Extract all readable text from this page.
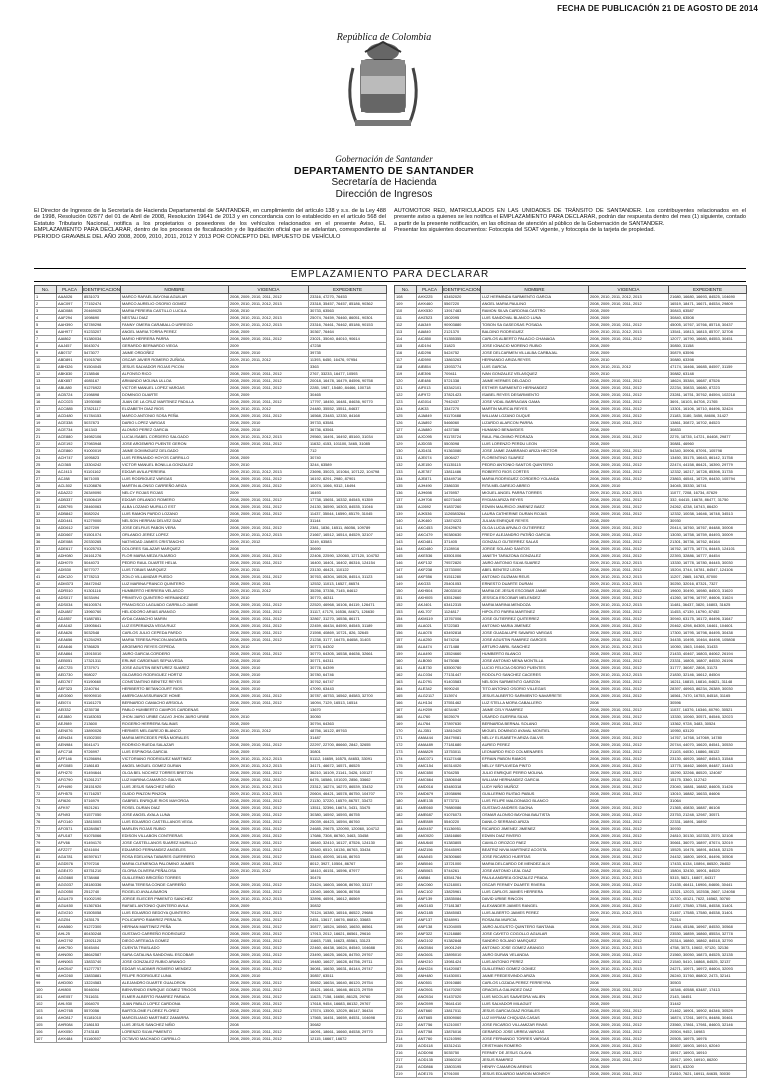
FECHA DE PUBLICACIÓN 21 DE AGOSTO DE 2014
República de Colombia
Gobernación de Santander
DEPARTAMENTO DE SANTANDER
Secretaría de Hacienda
Dirección de Ingresos
El Director de Ingresos de la Secretaría de Hacienda Departamental de SANTANDER, en cumplimiento del artículo 138 y s.s. de la Ley 488 de 1998, Resolución 02677 del 01 de Abril de 2008, Resolución 19641 de 2013 y en concordancia con lo establecido en el artículo 568 del Estatuto Tributario Nacional, notifica a los propietarios o poseedores de los vehículos relacionados en el presente Aviso, EL EMPLAZAMIENTO PARA DECLARAR, dentro de los procesos de fiscalización y de liquidación oficial que se adelantan, correspondiente al PERIODO GRAVABLE DEL AÑO 2008, 2009, 2010, 2011, 2012 Y 2013 POR CONCEPTO DEL IMPUESTO DE VEHÍCULO
AUTOMOTOR RED, MATRICULADOS EN LAS UNIDADES DE TRÁNSITO DE SANTANDER. Los contribuyentes relacionados en el presente aviso a quienes se les notifica el EMPLAZAMIENTO PARA DECLARAR, podrán dar respuesta dentro del mes (1) siguiente, contado a partir de la presente notificación, en las oficinas de atención al público de la Gobernación de SANTANDER.
Presentar los siguientes documentos: Fotocopia del SOAT vigente, y fotocopia de la tarjeta de propiedad.
EMPLAZAMIENTO PARA DECLARAR
No.	PLACA	IDENTIFICACION	NOMBRE	VIGENCIA	EXPEDIENTE
1	AAA026	8531073	MARCO RAFAEL BAYONA AGUILAR	2008, 2009, 2010, 2011, 2012	23316, 47270, 76453
2	AAC097	77152474	MARCO AURELIO OSORIO GOMEZ	2009, 2010, 2011, 2012, 2013	23318, 35457, 76457, 85186, 90362
3	AAD088	20469025	MARIA PEREIRA CASTILLO LUCILA	2008, 2010	30733, 63563
4	AAF294	1098690	NESTALI DIAZ	2008, 2010, 2011, 2012, 2013	25074, 76459, 76460, 86051, 90301
5	AAH390	92789298	FANNY OMERA CARABALLO URREGO	2009, 2010, 2011, 2012, 2013	23316, 76461, 76462, 85186, 90153
6	AAH977	91233207	ANGEL MARIA TORRA PEREZ	2008, 2009	30367, 76464
7	AAI862	91380034	MARIO HERRERA PARRA	2008, 2009, 2010, 2011, 2012	23021, 35040, 84010, 90614
8	AAJ457	5043074	GERARDO BERNARDO VIEGA	2009	47238
9	AB0737	5473077	JAIME ORDOÑEZ	2008, 2009, 2010	39735
10	ABD891	91915760	OSCAR JAVIER ROMERO ZUÑIGA	2009, 2010, 2011, 2012	11393, 6450, 16476, 97954
11	ABH326	91504045	JESUS SALVADOR ROJAS PICON	2009	3363
12	ABK830	2138546	ALFONSO RICO	2008, 2009, 2010, 2011, 2012	2767, 33233, 16477, 10593
13	ABX857	4085167	ARMANDO MOLINA ULLOA	2008, 2009, 2010, 2011, 2012	20018, 16478, 16479, 84596, 90758
14	ABL880	91276922	VICTOR MANUEL LOPEZ VARGAS	2008, 2009, 2010, 2011, 2012	2285, 1987, 15480, 84466, 100718
15	ACB724	2198898	DOMINGO DUARTE	2008, 2009	30465
16	ACC023	13930080	JUAN DE LA CRUZ MARTINEZ PADILLA	2008, 2009, 2010, 2011, 2012	17797, 18450, 16481, 84636, 90770
17	ACC885	37821117	ELIZABETH DIAZ RIOS	2009, 2010, 2011, 2012	24480, 35552, 15511, 84637
18	ACD480	91784153	MARCO ANTONIO SOSA PEÑA	2008, 2009, 2010, 2011, 2012	16568, 23483, 12330, 84168
19	ACE338	5037873	DARIO LOPEZ VARGAS	2008, 2009, 2010	39733, 63581
20	ACE734	161343	ALONSO PEREZ GARCIA	2008, 2009, 2010	36736, 63561
21	ACE880	34982106	LUCIA ISABEL CORDERO SALGADO	2009, 2010, 2011, 2012, 2013	29560, 16491, 16492, 85160, 31034
22	ACE192	37983948	JOSE ARGEMIRO PUENTE GERON	2008, 2009, 2010, 2011, 2012	11632, 4153, 101100, 3465, 31085
23	ACE860	91000019	JAIME DOMINGUEZ DELGADO	2008	712
24	ACH747	1095823	LUIS FERNANDO HOYOS CARRILLO	2008, 2009	30740
25	ACI365	13304242	VICTOR MANUEL BONILLA GONZALEZ	2009, 2010	3244, 63589
26	ACJ413	91101162	EDGAR AVILA PEREIRA	2009, 2010, 2011, 2012, 2013	23696, 35023, 101064, 107122, 104798
27	ACJ88	5671005	LUIS RODRIGUEZ VARGAS	2008, 2009, 2010, 2011, 2012	16192, 8291, 2980, 87901
28	ACL502	91208876	MARTIN ALONSO CARREÑO ARIZA	2008, 2009, 2010, 2011, 2012	10074, 1066, 9312, 16494
29	ADA222	26349090	NELCY ROJAS ROJAS	2009	16493
30	ADB337	91506419	EDGAR ORLANDO ROMERO	2008, 2009, 2010, 2011, 2012	17738, 15651, 16332, 84545, 91359
31	ADB795	28460063	ALBA LOZANO MURILLO EST	2008, 2009, 2010, 2011, 2012	24130, 36590, 16303, 84535, 31046
32	ADB842	5082024	LUIS RAMON PARDO LOZANO	2008, 2009, 2010, 2011, 2012	11437, 35044, 16590, 85179, 31045
33	ADD441	91279000	NELSON HERRAN DELVEZ DIAZ	2008	31144
34	ADD612	1627209	JOSE DELFIUS PABON VERA	2008, 2009, 2010, 2011, 2012	2381, 1836, 16511, 86056, 109789
35	ADD667	91501074	ORLANDO JEREZ LOPEZ	2009, 2010, 2011, 2012, 2013	21667, 16512, 16514, 84529, 32107
36	ADE088	20330265	NATIVIDAD JAIMES CRISTANCHO	2009, 2010, 2012	3249, 63583
37	ADE617	91025703	DOLORES SALAZAR MARQUEZ	2008	30690
38	ADH080	26161276	FLOR MARIA MEZA FAJARDO	2008, 2009, 2010, 2011, 2012	22406, 22590, 120060, 127120, 104752
39	ADH079	5044073	PEDRO RAUL DUARTE HELIA	2008, 2009, 2010, 2011, 2012	16400, 16401, 16402, 86316, 124154
40	ADI530	5077077	LUIS TOBIAS MARQUEZ	2009, 2010, 2011	23130, 46421, 110122
41	ADK120	5778213	ZOILO VILLAMIZAR PUEDO	2008, 2009, 2010, 2011, 2012	30763, 46304, 16526, 84514, 31123
42	ADM373	28472042	LUZ MARINA FRANCO QUINTERO	2008, 2009, 2010, 2011	12532, 11013, 16527, 86574
43	ADR510	91301116	HUMBERTO HERRERA VELASCO	2009, 2010, 2011, 2012	35256, 37336, 7145, 84612
44	ADS017	5033494	PRIMITIVO QUINTERO HERNANDEZ	2009, 2010	30770, 46311
45	ADS034	96100574	FRANCISCO LAGUADO CARRILLO JAIME	2008, 2009, 2010, 2011, 2012	22520, 46968, 16106, 84119, 126471
46	ADU887	13960760	HELIODORO ARIAS ARANGO	2008, 2009, 2010, 2011, 2012	31117, 47170, 16536, 84671, 126630
47	ADJ857	91887851	AYDA CAMACHO MARIN	2008, 2009, 2010, 2011, 2012	32867, 31270, 16536, 86171
48	AEA162	13905641	LUZ ESPERANZA VEGA RUIZ	2008, 2009, 2010, 2011, 2012	22459, 46434, 84590, 84545, 31189
49	AEA626	5032548	CARLOS JULIO CEPEDA PARDO	2008, 2009, 2010, 2011, 2012	21598, 40869, 10721, 826, 32645
50	AEA656	91254293	MARIA TERESA PINCON ANGARITA	2008, 2009, 2010, 2011, 2012	21238, 3177, 16475, 84658, 31403
51	AEA646	5786825	ARGEMIRO REYES CEPEDA	2009, 2010	30773, 64302
52	AEA864	13915010	JAIRO GARCIA CORDERO	2008, 2009, 2010, 2011, 2012	30770, 64305, 16538, 84636, 32661
53	AEB051	17321311	ERLINE CARDENAS SEPULVEDA	2008, 2009, 2010	30771, 64311
54	AEC725	3737971	JOSE AGUSTIN BENTUREZ SUAREZ	2008, 2009, 2010	30778, 64399
55	AED730	908027	GILDARDO RODRIGUEZ HORTIZ	2008, 2009, 2010	30780, 64746
56	AED767	91190660	CONSTANTINO BENITEZ REYES	2008, 2009, 2010	30762, 64747
57	AEF323	2240764	HERIBERTO BETANCOURT RIOS	2008, 2009, 2010	47090, 63443
58	AEG060	90909010	AMERICAN ASSURANCE HOME	2008, 2009, 2010, 2011, 2012	30787, 46753, 16562, 84583, 32700
59	AEI074	91161275	BERNARDO CAMACHO ARSIOLA	2008, 2009, 2010, 2011, 2012	16094, 7129, 16513, 16514
60	AEI332	4235738	PABLO HUMBERTO CAMPOS CARDENAS	2009	13670
61	AEJ880	91183053	JHON JAIRO URIBE CALVO JHON JAIRO URIBE	2009, 2010	30050
62	AEJ989	213600	ROGERIO HERRERA SALINAS	2008, 2009	30794, 64363
63	AEN076	13890026	HERMES MELGAREJO BLANCO	2009, 2010, 2011, 2012	48756, 16122, 89763
64	AEN434	91502300	MARIA MERCEDES PEÑA MORALES	2008	31487
65	AEN984	5041471	RODRIGO RUEDA SALAZAR	2008, 2009, 2010, 2011, 2012	22297, 22700, 86660, 2842, 32655
66	AFC718	9726997	LUIS ESPINOSA GARCIA	2008, 2009	30801
67	AFF146	91256694	VICTORIANO RODRIGUEZ MARTINEZ	2009, 2010, 2011, 2012, 2013	51112, 16659, 16575, 84653, 33091
68	AFG085	2186183	ANGEL MIGUEL GOMEZ DURAN	2009, 2010, 2011, 2012, 2013	34171, 46672, 16571, 86525
69	AFH270	91494644	OLGA BEL NOCHEZ TORRES BRETON	2008, 2009, 2010, 2011, 2012	36210, 16109, 21141, 3426, 100127
70	AFG790	91261217	LUZ MARINA CAMARGO GALVIS	2008, 2009, 2010, 2011, 2012	6476, 16586, 101020, 2856, 33662
71	AFH490	28151920	LUIS JESUS SANCHEZ NIÑO	2009, 2010, 2011, 2012, 2013	23312, 16274, 16270, 86539, 33432
72	AFH575	91716257	GUIDO PINZON PINZON	2009, 2010, 2011, 2012, 2013	20604, 46421, 16578, 86750, 104707
73	AFI626	5716979	GABRIEL ENRIQUE RIOS MAYORGA	2008, 2009, 2010, 2011, 2012	21130, 37220, 16579, 86757, 33472
74	AFK97	9521261	ROSEL DURAN DIAZ	2008, 2009, 2010, 2011, 2012	13511, 32396, 16674, 3431, 33475
75	AFN93	91577050	JOSE ANGEL AYALA LUNA	2008, 2009, 2010, 2011, 2012	30380, 16592, 16593, 86755
76	AFO140	13815003	LUIS EDUARDO CASTELLANOS VEGA	2008, 2009, 2010, 2011, 2012	25039, 46423, 16594, 86760
77	AFO571	63284567	MARLEN ROJAS RUBIO	2008, 2009, 2010, 2011, 2012	24685, 29675, 120090, 120060, 104712
78	AFU187	91076066	EDISON VILLABON CONTRERAS	2008, 2009, 2010, 2011, 2012	17686, 7308, 86760, 3463, 33458
79	AFV66	91494170	JOSE CASTELLANOS SUAREZ MURILLO	2008, 2009, 2010, 2011, 2012	16640, 32410, 16127, 87526, 124130
80	AFZ277	6241604	EDUARDO FERNANDEZ ANGELES	2008, 2009, 2010, 2011, 2012	32640, 6510, 16136, 86763, 33434
81	AGA781	60397617	ROSA EDELVINA TABARES GUERRERO	2008, 2009, 2010, 2011, 2012	33440, 40093, 16146, 86763
82	AGD576	5797216	MARIA CLEMENCIA PALOMINO JAIMES	2008, 2009, 2010, 2011, 2012	8012, 3927, 10504, 86767
83	AGE470	63751210	GLORIA OLIVERA PEÑALOSA	2009, 2010, 2011, 2012	18410, 46151, 16596, 87977
84	AGG660	5738468	GUILLERMO BRICEÑO TORRES	2009	30476
85	AGG037	28180336	MARIA TERESA CONDE CARREÑO	2008, 2009, 2010, 2011, 2012	23424, 16603, 16608, 86760, 33117
86	AGO050	2512740	ROGELIO AYALA BARON	2008, 2009, 2010, 2011, 2012	13040, 16605, 16606, 86768
87	AGU470	91002190	JORGE ELIECER PIMIENTO SANCHEZ	2009, 2010, 2011, 2012, 2013	32896, 46591, 16612, 86569
88	AGU450	91367634	RAFAEL ANTONIO QUINTERO AVILA	2008, 2009	30832
89	AGV210	91505058	LUIS EDUARDO BEDOYA QUINTERO	2008, 2009, 2010, 2011, 2012	70124, 16380, 16516, 86522, 29686
90	AGZ04	2435175	POLICARPO RAMIREZ PERALTA	2008, 2009, 2010, 2011, 2012	2451, 13617, 16676, 86810, 33683
91	AHA560	91272300	HERNAN MARTINEZ PEÑA	2008, 2009, 2010, 2011, 2012	30877, 16524, 16560, 16630, 86561
92	AHL25	80430248	GUSTAVO CARREÑO RODRIGUEZ	2008, 2009, 2010, 2011, 2012	17913, 2012, 16621, 86561, 29616
93	AHG792	13921120	DIEGO ARTEAGA GOMEZ	2008, 2009, 2010, 2011, 2012	11663, 7155, 16623, 85561, 33123
94	AHK750	5045404	CUENTA TRASLADO	2008, 2009, 2010, 2011, 2012	22460, 46438, 16624, 84540, 104688
95	AHN050	38642587	SARA CATALINA SANDOVAL ESCOBAR	2008, 2009, 2010, 2011, 2012	23490, 16625, 16626, 84750, 29767
96	AHN063	13833740	JOSE GONZALEZ RUBIO ARANGO	2008, 2009, 2010, 2011, 2012	19480, 16627, 16628, 84756, 29711
97	AHO547	91277757	EDGAR VLADIMIR ROMERO MENDEZ	2008, 2009, 2010, 2011, 2012	36081, 16630, 16631, 84144, 29747
98	AHO260	13833881	FELIPE RODRIGUEZ LUNA	2008, 2009, 2010	30857, 63511
99	AHD050	13224583	ALEJANDRO DUARTE GUALDRON	2008, 2009, 2010, 2011, 2012	30652, 16634, 16640, 86120, 29754
100	AHI800	5046004	BIENVENIDO ENRIQUE GOMEZ TRIGOS	2008, 2009, 2010, 2011, 2012	15421, 16641, 16646, 86123, 29759
101	AHE057	7511631	ELMER ALBERTO RAMIREZ PARADA	2008, 2009, 2010, 2011, 2012	11623, 7158, 16650, 86125, 29760
102	AHL930	1064070	JUAN PABLO LOPEZ CARDONA	2008, 2009, 2010, 2011, 2012	17618, 9454, 16683, 86132, 29767
103	AHO765	5570056	BARTOLOME FLOREZ FLOREZ	2008, 2009, 2010, 2011, 2012	17574, 13500, 12029, 86147, 36434
104	AHO817	91181010	MARCELIANO MARTINEZ ZAMARRA	2008, 2009, 2010, 2011, 2012	17565, 16451, 16659, 84531, 104698
105	AHR084	2186153	LUIS JESUS SANCHEZ NIÑO	2008	30682
106	AHX050	2743183	LORENZO SILVA PIMIENTO	2008, 2009, 2010, 2011, 2012	16091, 18661, 16660, 84538, 29770
107	AHX484	91160507	OCTAVIO MACHADO CARRILLO	2008, 2009, 2010, 2011, 2012	12115, 16667, 16672
No.	PLACA	IDENTIFICACION	NOMBRE	VIGENCIA	EXPEDIENTE
108	AHX225	63452020	LUZ HERMINDA SARMIENTO GARCIA	2009, 2010, 2011, 2012, 2013	21680, 16680, 16693, 84525, 104690
109	AHX460	5567220	ANGEL MARIA PAULINO	2008, 2009, 2010, 2011, 2012	16519, 18471, 16671, 84534, 29809
110	AHX530	13917483	RAMON SILVA CARDONA CASTRO	2008, 2009	30843, 63587
111	AHZ523	1502095	LUIS SANDOVAL BLANCO LUNA	2008, 2009	30840, 63508
112	AIA349	90903880	TOBON SA GASEOSAS POSADA	2008, 2009, 2010, 2011, 2012	45005, 10767, 10766, 85718, 30437
113	AIA840	2121370	BALDINO RODRIGUEZ	2009, 2010, 2011, 2012, 2013	13541, 10813, 16815, 85707, 32708
114	AIC850	91355355	CARLOS ALBERTO PALACIO CHANAGA	2008, 2009, 2010, 2011, 2012	12077, 16790, 16680, 84553, 30451
115	AID194	31823	JOSE IGNACIO MORENO RUBIO	2008, 2009	30850, 31158
116	AID296	5424752	JOSE DELCARMEN VILLALBA CARBAJAL	2008, 2009	30879, 63596
117	AID590	13863263	HERNANDO ARIZA REYES	2009, 2010	30880, 63398
118	AIE854	13933774	LUIS GARCIA	2009, 2010, 2011, 2012	47174, 16466, 16685, 84597, 31159
119	AIE396	709411	IVAN GONZALEZ VELASQUEZ	2009, 2010	30882, 63148
120	AIE486	5721338	JAIME HERNES DELGADO	2008, 2009, 2010, 2011, 2012	18624, 35384, 16687, 87526
121	AIF013	63342101	ESTHER SARMIENTO HERNANDEZ	2008, 2009, 2010, 2011, 2012	22234, 30833, 16680, 87223
122	AIF972	37821423	ISABEL REYES DESARMIENTO	2008, 2009, 2010, 2011, 2012	23281, 16751, 30762, 84594, 102218
123	AIG014	7942437	JOSE VIDAL BARRAGAN GAMA	2008, 2009, 2010, 2011, 2012	3691, 16103, 84708, 21765
124	AIK33	3347270	MARTIN MURCIA REYES	2008, 2009, 2010, 2011, 2012	13301, 16106, 16710, 84496, 32424
125	AJA849	91170488	WILLIAM LOZANO DUQUE	2008, 2009, 2010, 2011, 2012	21183, 3180, 3450, 84606, 31427
126	AJA892	5466060	LIZARDO ALARCON PARRA	2008, 2009, 2010, 2011, 2012	13861, 30872, 16702, 84523
127	AJA880	4437386	HUMANIO BENAVIDES	2008, 2009	30833
128	AJC095	91178724	RAUL PALOMINO PEDRAZA	2008, 2009, 2010, 2011, 2012	2276, 18735, 14721, 84408, 29877
129	AJD035	5503098	LUIS LORENZO PERDU LEON	2008, 2009	30881, 46960
130	AJD431	91363080	JOSE JAIME ZAMBRANO ARIZA HECTOR	2008, 2009, 2010, 2011, 2012	54340, 30906, 87091, 105798
131	AJE074	1506427	FLORENTINO SUAREZ	2008, 2009, 2010, 2011, 2012	13450, 35175, 16643, 86142, 31758
132	AJE150	91135115	PEDRO ANTONIO SANTOS QUINTERO	2008, 2009, 2010, 2011, 2012	22474, 44158, 86421, 16390, 29779
133	AJE787	13811486	ROBERTO RIOS CORTES	2008, 2009, 2010, 2011, 2012	12332, 16217, 16728, 85398, 31735
134	AJE871	63449716	MARIA RODRIGUEZ CORDERO YOLANDA	2008, 2009, 2010, 2011, 2012	23863, 46541, 16729, 84430, 105794
135	AJH490	2386330	RITA MELGAREJO ABREO	2008, 2009, 2010	34045, 35330, 16741
136	AJH698	1476957	MIGUEL ANGEL PARRA TORRES	2009, 2010, 2011, 2012, 2013	11077, 7208, 16734, 87629
137	AJH708	60273440	RYDIAN ARIZA REYES	2008, 2009, 2010, 2011, 2012	332, 64415, 16678, 86477, 31750
138	AJJ692	91837260	EDWIN MAURICIO JIMENEZ BAEZ	2008, 2009, 2010, 2011, 2012	24262, 4238, 16743, 86420
139	AJK536	1126583264	LAURA CATHERINE DURAN ROJAS	2008, 2009, 2010, 2011, 2012	12332, 10038, 14646, 16748, 34513
140	AJK460	13874223	JULIAN ENRIQUE REYES	2008, 2009	30930
141	AKC453	20429670	OLGA LUCIA ARVALO GUTIERREZ	2008, 2009, 2010, 2011, 2012	20414, 16760, 16767, 84488, 30008
142	AKC479	90380630	FREDY ALEJANDRO PATIÑO GARCIA	2008, 2009, 2010, 2011, 2012	13030, 16758, 16759, 84493, 30009
143	AKD481	371405	GONZALO GUTIERREZ SALAS	2008, 2009, 2010, 2011, 2012	21301, 36736, 16762, 84164
144	AKD480	2128916	JORGE SOLANO SANTOS	2008, 2009, 2010, 2011, 2012	16762, 16775, 16774, 84445, 124101
145	AKE536	63501006	JANETH TARAZONA GONZALEZ	2008, 2009, 2010, 2011, 2012	22393, 32886, 16777, 84454
146	AKF132	79572820	JAIRO ANTONIO SILVA SUAREZ	2009, 2010, 2011, 2012, 2013	13330, 16778, 16780, 84445, 30030
147	AKF238	13733000	ABEL BENITEZ LEON	2008, 2009, 2010, 2011, 2012	15204, 3744, 16781, 84547, 124106
148	AKF556	91511280	ANTONIO GUZMAN REUS	2009, 2010, 2011, 2012, 2013	11207, 2865, 16783, 87000
149	AKG33	25401053	ERNESTO DUARTE DURAN	2009, 2010, 2011, 2012, 2013	30250, 32016, 87321, 7327
150	AKH504	28033010	MARIA DE JESUS ESCOBAR JAIME	2008, 2009, 2010, 2011, 2012	19600, 30490, 16980, 84503, 31620
151	AKH005	63512660	JESSICA ESCOBAR MELENDEZ	2008, 2009, 2010, 2011, 2012	41260, 16796, 16797, 84606, 31624
152	AKJ401	63412315	MARIA MARINA MENDOZA	2009, 2010, 2011, 2012, 2013	11481, 36437, 3820, 16803, 31625
153	AKL707	1124817	HIPOLITO PARRA MARTINEZ	2008, 2009, 2010, 2011, 2012	11453, 47139, 16790, 87452
154	AKM119	13767006	JOSE GUTIERREZ QUITERREZ	2008, 2009, 2010, 2011, 2012	30940, 63175, 16172, 84496, 31647
155	ALA021	5722383	ANTONIO MARIA JIMENEZ	2008, 2009, 2010, 2011, 2012	20462, 4298, 84305, 16461, 104601
156	ALA078	63492818	JOSE GUADALUPE SAVARIO VARGAS	2008, 2009, 2010, 2011, 2012	17300, 16795, 16798, 84495, 30438
157	ALA250	5474216	JOSE AGUSTIN RAMIREZ GARCES	2008, 2009, 2010, 2011, 2012	34435, 10495, 10464, 84498, 105808
158	ALA474	4171488	ARTURO ABRIL SANCHEZ	2009, 2010, 2011, 2012, 2013	10050, 1563, 10466, 31433
159	ALA490	13524660	HUMBERTO BLANCO	2008, 2009, 2010, 2011, 2012	21433, 40467, 16803, 84062, 26194
160	ALB050	5475086	JOSE ANTONIO MENA MONTILLA	2008, 2009, 2010, 2011, 2012	23331, 16805, 16807, 84530, 26196
161	ALB730	63500780	LUCIO FELICIA OSORIO PUENTES	2008, 2009, 2010, 2011, 2012	31777, 36087, 2808, 31173
162	ALC034	77131447	RODOLFO SANCHEZ CACERES	2009, 2010, 2011, 2012, 2013	21830, 32146, 16612, 84504
163	ALD791	91403583	NELSON SARMIENTO GARZON	2008, 2009, 2010, 2011, 2012	16211, 16815, 16816, 84621, 31148
164	ALE342	9090240	TITO ANTONIO OSORIO VILLEGAS	2008, 2009, 2010, 2011, 2012	28397, 46963, 86234, 26389, 30030
165	ALG2117	313974	JESUS ALBERTO SARMIENTO NAVARRETE	2008, 2009, 2010, 2011, 2012	16561, 7470, 16753, 84518, 31165
166	ALH134	37551462	LUZ STELLA MORA CABALLERO	2008	30596
167	ALH209	4034467	JAIME CELY RAMIREZ	2008, 2009, 2010, 2011, 2012	11037, 16376, 16346, 80790, 30521
168	ALI760	5025079	USARDO GUERRA SILVA	2008, 2009, 2010, 2011, 2012	13330, 10060, 30571, 84546, 32023
169	ALI764	37897630	BERNARDA BERNAL SOLANO	2008, 2009, 2010, 2011, 2012	13362, 9728, 3483, 30524
170	ALJ351	13810420	MIGUEL DOMINGO AYAVAL MONTIEL	2008, 2009	10950, 63120
171	AMA444	28479081	NELLY ELISABETH ARIZA GALVIS	2008, 2009, 2010, 2011, 2012	14767, 14768, 147069, 14780
172	AMA489	77181680	AUREO PEREZ	2008, 2009, 2010, 2011, 2012	20744, 44070, 16620, 84541, 30530
173	AMA829	13753011	LEONARDO RICO COLMENARES	2008, 2009, 2010, 2011, 2012	21103, 44030, 16866, 86122
174	AMC071	91127448	EFRAIN PABON RAMOS	2008, 2009, 2010, 2011, 2012	23130, 46920, 16867, 84543, 31548
175	AMC154	60314020	NELLY SEPULVEDA PINTO	2008, 2009, 2010, 2011, 2012	13775, 16462, 16669, 84487, 31443
176	AMC650	5764255	JULIO ENRIQUE PERRO MOLINA	2008, 2009, 2010, 2011, 2012	15290, 32266, 86520, 124087
177	AMC664	13806048	WILLIAM HERNANDEZ GARCIA	2008, 2009, 2010, 2011, 2012	15175, 3360, 112742
178	AMD016	63480318	LUDY NIÑO MUÑOZ	2008, 2009, 2010, 2011, 2012	23040, 16881, 16882, 84605, 31426
179	AMD679	13938696	GUILLERMO RUITAG PABUS	2008, 2009, 2010, 2011, 2012	13010, 16882, 16633, 84606
180	AME135	5773731	LUIS FELIPE MALDONADO BLANCO	2008	31064
181	AME660	79880086	GUSTAVO ANDRES GAONA	2008, 2009, 2010, 2011, 2012	21365, 40830, 16887, 86108
182	AME687	91076073	OSMAR ALONSO BAYONA BAUTISTA	2008, 2009, 2010, 2011, 2012	23753, 21248, 12987, 30571
183	AME889	5540220	DANILO SERRANO ARIZA	2008, 2009, 2010, 2011, 2012	22331, 16891, 16892
184	AMX457	91136951	RICARDO JIMENEZ JIMENEZ	2008, 2009, 2010, 2011, 2012	30930
185	AMO020	13816860	EDWIN DIAZ RIVERO	2008, 2009, 2010, 2011, 2012	24810, 30130, 102333, 2570, 32108
186	AMU640	91383805	CAMILO OROZCO PAEZ	2008, 2009, 2010, 2011, 2012	30661, 36070, 16897, 87674, 32019
187	AMZ156	20445093	BEATRIZ NIVIA MARTINEZ ACOSTA	2008, 2009, 2010, 2011, 2012	15525, 10476, 16891, 84348, 32125
188	ANA045	26300660	JOSE RICARDO HUERTAS	2008, 2009, 2010, 2011, 2012	24432, 16800, 16901, 84496, 30508
189	ANB046	13721000	MARIA DELCARDO DE MENDEZ ALIX	2008, 2009, 2010, 2011, 2012	17433, 6134, 10894, 86520, 26452
190	ANB063	5744261	JOSE ANTONIO LEAL DIAZ	2008, 2009, 2010, 2011, 2012	15804, 32430, 16901, 84520
191	ANB84	63541784	PAULA ANDREA GONZALEZ PRADA	2009, 2010, 2011, 2012, 2013	5315, 5821, 16807, 84317
192	ANC060	91218001	OSCAR FERNEY DUARTE RIVERA	2008, 2009, 2010, 2011, 2012	21435, 46411, 16906, 84606, 30441
193	ANC102	13825961	LUIS CARLOS JAIMES HERRERA	2008, 2009, 2010, 2011, 2012	13321, 12023, 102536, 2667, 124058
194	ANF139	13835084	DAVID URIBE RINCON	2008, 2009, 2010, 2011, 2012	11720, 40121, 7622, 16562, 30760
195	ANG183	77181387	ALEXANDER JAIMES RANGEL	2008, 2009, 2010, 2011, 2012	21457, 17580, 17581, 84538, 31401
196	ANG185	13845083	LUIS ALBERTO JAIMES PEREZ	2009, 2010, 2011, 2012, 2013	21457, 17585, 17580, 84538, 31401
197	ANF137	5248991	ROSALBA MURCIA	2008	70214
198	ANF138	91204005	JAIRO AUGUSTO QUINTERO SANTANA	2008, 2009, 2010, 2011, 2012	21484, 45186, 16967, 84530, 30568
199	ANF322	91218880	JOSE CAYETO COGOLLO AGUILAR	2008, 2009, 2010, 2011, 2012	23530, 16859, 16860, 85534, 32778
200	ANG102	91382848	SANDRO SOLANO MARQUEZ	2008, 2009, 2010, 2011, 2012	20314, 16860, 16862, 84518, 32790
201	ANG584	19001249	ANTONIO JOSE GOMEZ ARANGO	2009, 2010, 2011, 2012, 2013	4758, 3073, 10602, 97120, 32136
202	ANG601	13895010	JAIRO DURAN VELANDIA	2008, 2009, 2010, 2011, 2012	21560, 30050, 16873, 84525, 32135
203	ANH210	13981424	LUIS ANTONIO PEREZ	2008, 2009, 2010, 2011, 2012	21540, 5410, 16868, 84525, 32137
204	ANH224	91420087	GUILLERMO GOMEZ GOMEZ	2009, 2010, 2011, 2012, 2013	24271, 10971, 16972, 84604, 32093
205	ANH480	91430001	JAIME FREDESVINDO ARIZA	2008, 2009, 2010, 2011, 2012	26240, 31760, 86802, 2473, 32141
206	AN0501	13910880	CARLOS LOZADA PEREZ FERREYRA	2008	30503
207	ANO501	91470200	GRACIELA GALINDEZ DIAZ	2008, 2009, 2010, 2011, 2012	16346, 40588, 63487, 17413
208	ANO534	91437020	LUIS NICOLAS SAAVEDRA VALIEN	2008, 2009, 2010, 2011, 2012	2143, 16451
209	ANO599	78641410	LUIS SALVADOR MILAGUIT	2008, 2009	31442
210	ANT660	13817011	JESUS GARCIA DIAZ ROSALES	2008, 2009, 2010, 2011, 2012	21462, 16901, 16902, 84346, 30529
211	ANT665	63509060	LUZ MYRIAM CHIQUIZA CASAS	2008, 2009, 2010, 2011, 2012	16874, 17261, 16974, 84486, 30461
212	ANT756	91210007	JOSE RICARDO VILLAMIZAR RIVAS	2008, 2009, 2010, 2011, 2012	23560, 17861, 17981, 84603, 32146
213	ANT758	13876016	GERARDO JOSE URREA VARGAS	2008, 2009, 2010, 2011, 2012	20504, 9452, 16983
214	ANT760	91210590	JOSE FERNANDO TORRES VARGAS	2008, 2009, 2010, 2011, 2012	20505, 16975, 16976
215	AOD118	63312411	CRISTHIAN ROMERO	2008, 2009, 2010, 2011, 2012	30657, 16903, 16910, 62040
216	AOD098	5035750	FERNEY DE JESUS OLAYA	2008, 2009, 2010, 2011, 2012	15917, 16903, 16910
217	AOD135	13560210	JESUS RAMIREZ	2008, 2009, 2010, 2011, 2012	15917, 1090, 16910, 86200
218	AOD866	13803195	HENRY CAMARON ARENIS	2008, 2009	30871, 63200
219	AOE176	6791000	JESUS EDUARDO MAROIN MONROY	2008, 2009, 2010, 2011, 2012	21810, 7621, 16911, 84635, 30030
